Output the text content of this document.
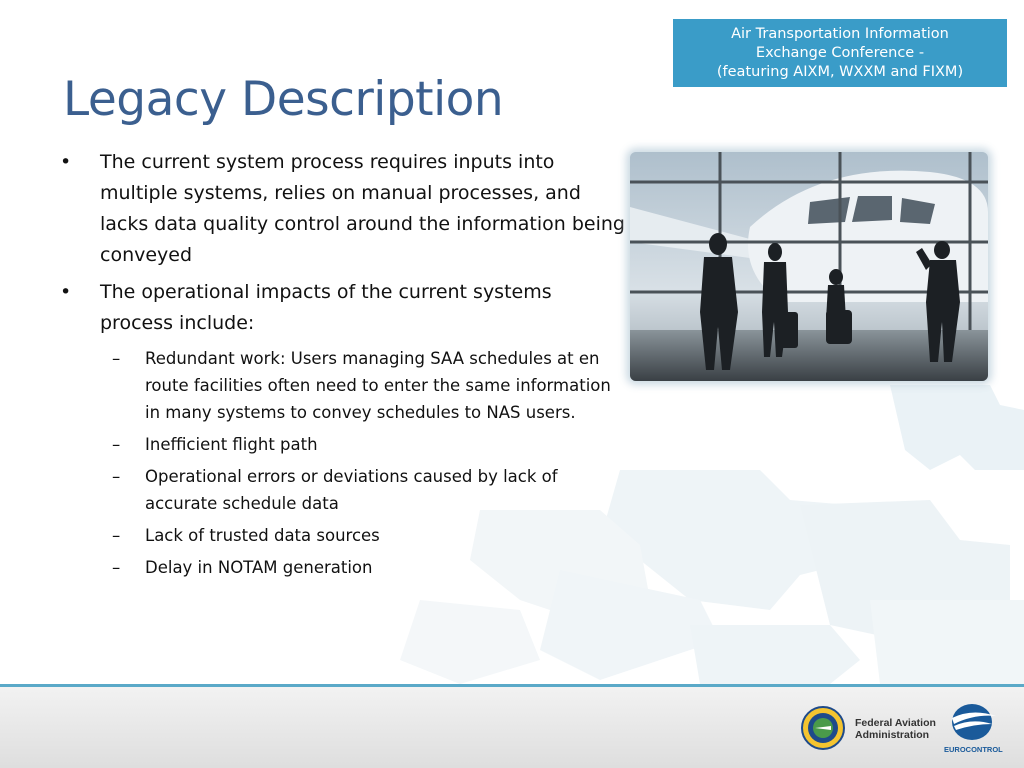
Air Transportation Information
Exchange Conference -
(featuring AIXM, WXXM and FIXM)
Legacy Description
• The current system process requires inputs into multiple systems, relies on manual processes, and lacks data quality control around the information being conveyed
• The operational impacts of the current systems process include:
– Redundant work: Users managing SAA schedules at en route facilities often need to enter the same information in many systems to convey schedules to NAS users.
– Inefficient flight path
– Operational errors or deviations caused by lack of accurate schedule data
– Lack of trusted data sources
– Delay in NOTAM generation
Federal Aviation
Administration
EUROCONTROL
